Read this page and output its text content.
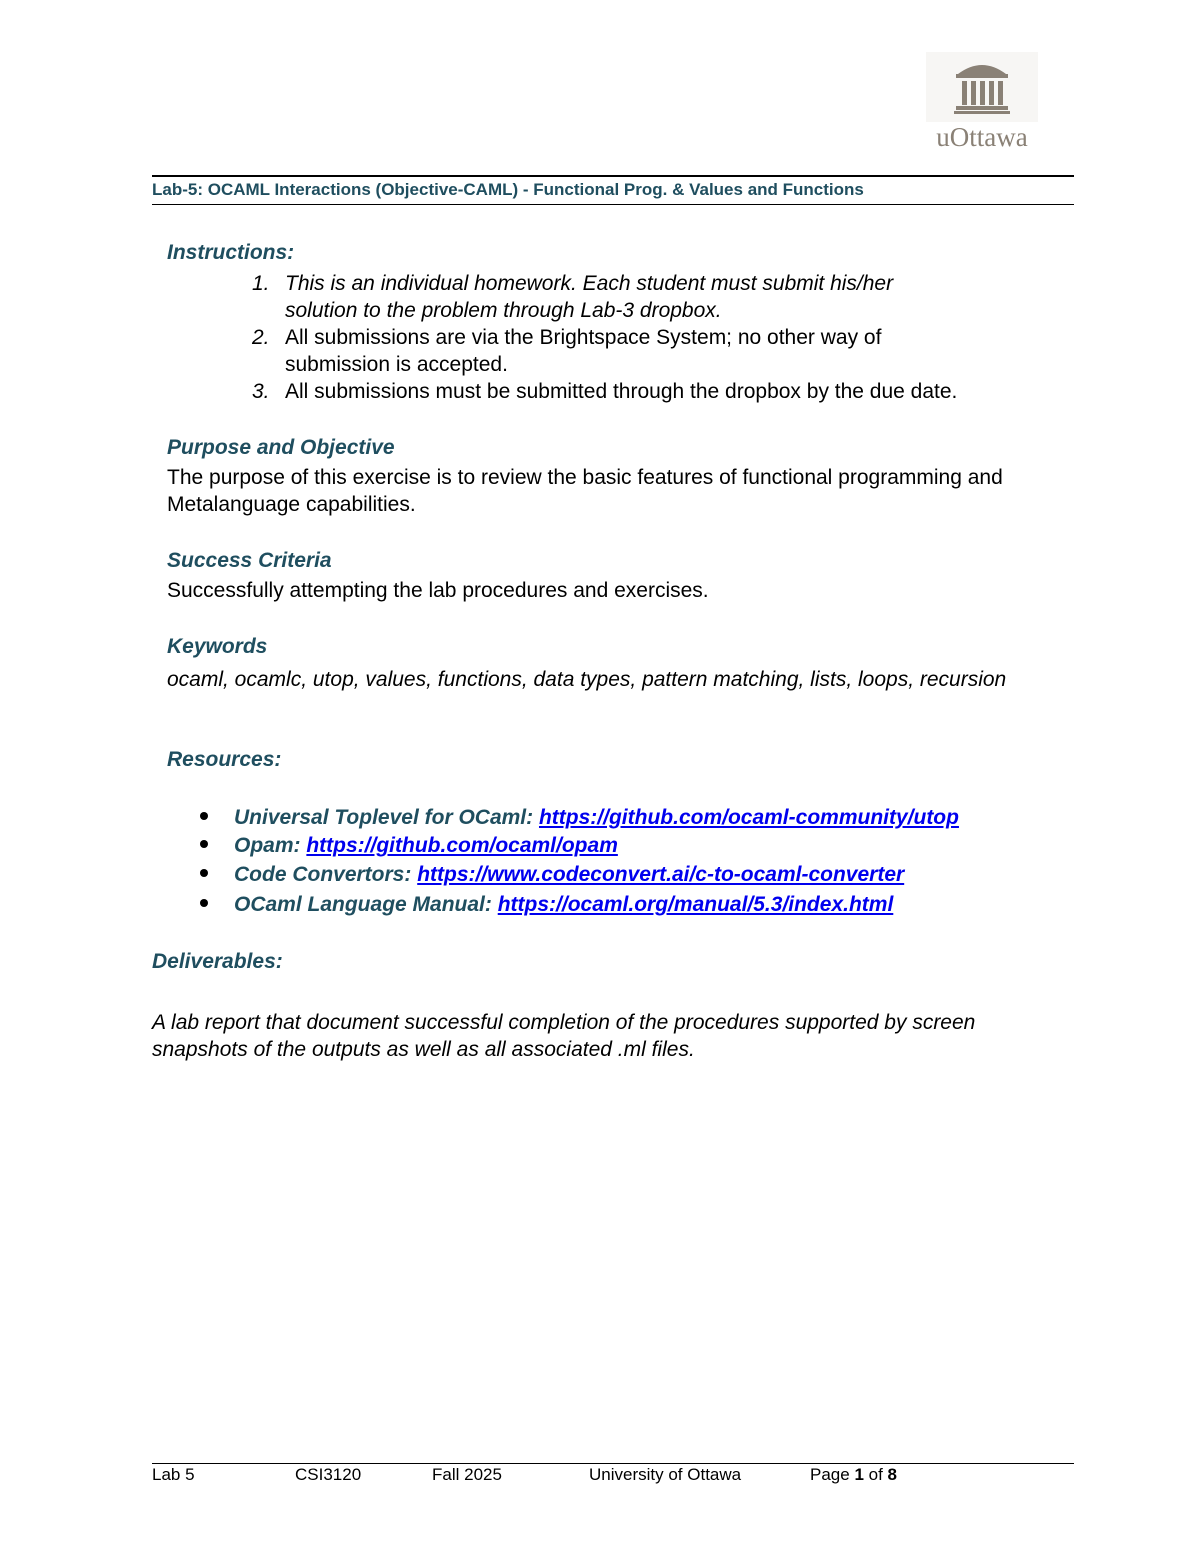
uOttawa
Lab-5: OCAML Interactions (Objective-CAML) - Functional Prog. & Values and Functions
Instructions:
1. This is an individual homework. Each student must submit his/her solution to the problem through Lab-3 dropbox.
2. All submissions are via the Brightspace System; no other way of submission is accepted.
3. All submissions must be submitted through the dropbox by the due date.
Purpose and Objective
The purpose of this exercise is to review the basic features of functional programming and Metalanguage capabilities.
Success Criteria
Successfully attempting the lab procedures and exercises.
Keywords
ocaml, ocamlc, utop, values, functions, data types, pattern matching, lists, loops, recursion
Resources:
Universal Toplevel for OCaml: https://github.com/ocaml-community/utop
Opam: https://github.com/ocaml/opam
Code Convertors: https://www.codeconvert.ai/c-to-ocaml-converter
OCaml Language Manual: https://ocaml.org/manual/5.3/index.html
Deliverables:
A lab report that document successful completion of the procedures supported by screen snapshots of the outputs as well as all associated .ml files.
Lab 5	CSI3120	Fall 2025	University of Ottawa	Page 1 of 8
